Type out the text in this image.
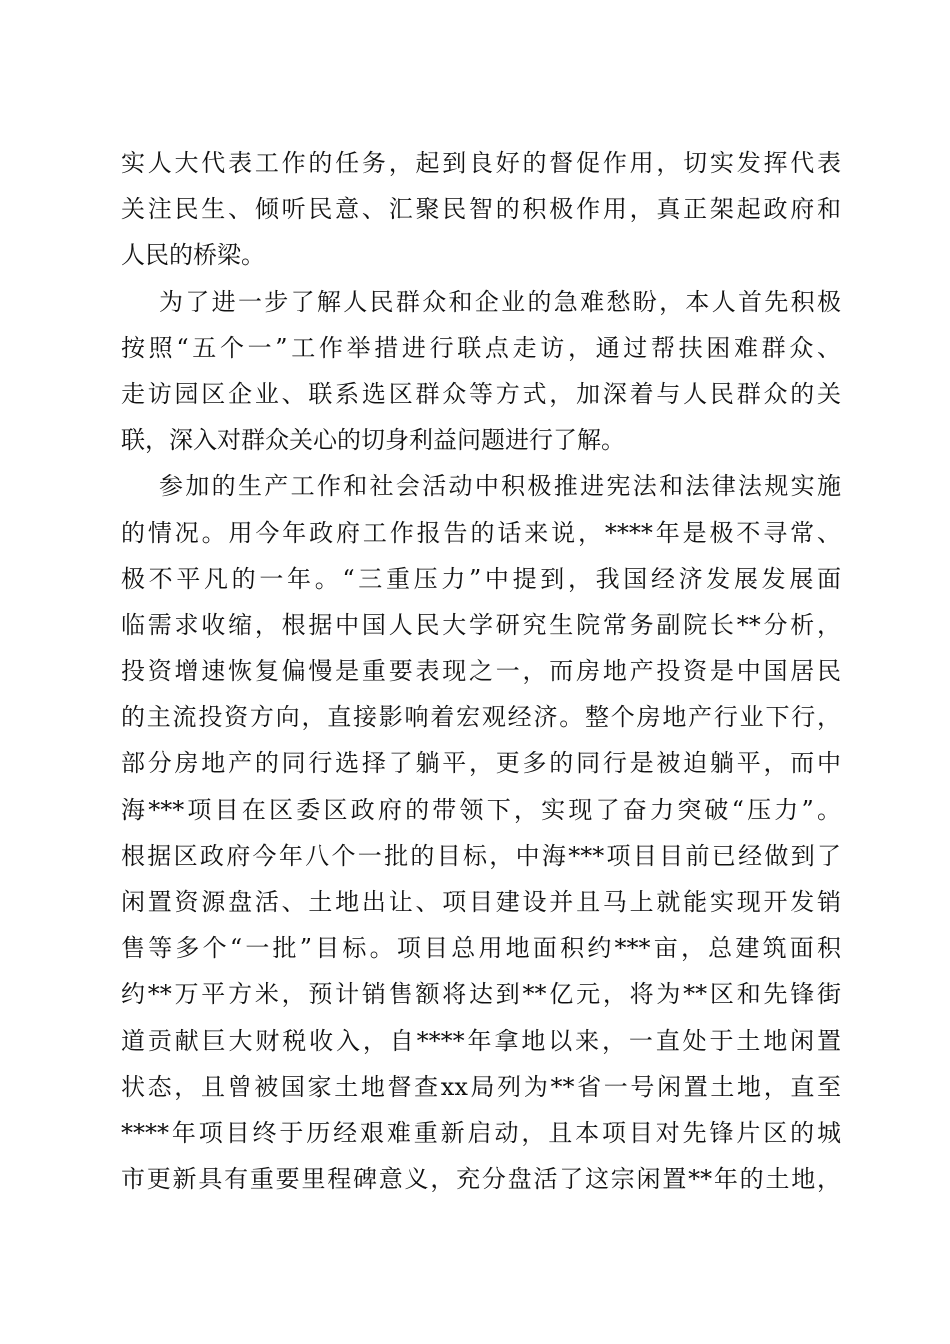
实人大代表工作的任务，起到良好的督促作用，切实发挥代表
关注民生、倾听民意、汇聚民智的积极作用，真正架起政府和
人民的桥梁。
为了进一步了解人民群众和企业的急难愁盼，本人首先积极
按照“五个一”工作举措进行联点走访，通过帮扶困难群众、
走访园区企业、联系选区群众等方式，加深着与人民群众的关
联，深入对群众关心的切身利益问题进行了解。
参加的生产工作和社会活动中积极推进宪法和法律法规实施
的情况。用今年政府工作报告的话来说，****年是极不寻常、
极不平凡的一年。“三重压力”中提到，我国经济发展发展面
临需求收缩，根据中国人民大学研究生院常务副院长**分析，
投资增速恢复偏慢是重要表现之一，而房地产投资是中国居民
的主流投资方向，直接影响着宏观经济。整个房地产行业下行，
部分房地产的同行选择了躺平，更多的同行是被迫躺平，而中
海***项目在区委区政府的带领下，实现了奋力突破“压力”。
根据区政府今年八个一批的目标，中海***项目目前已经做到了
闲置资源盘活、土地出让、项目建设并且马上就能实现开发销
售等多个“一批”目标。项目总用地面积约***亩，总建筑面积
约**万平方米，预计销售额将达到**亿元，将为**区和先锋街
道贡献巨大财税收入，自****年拿地以来，一直处于土地闲置
状态，且曾被国家土地督查xx局列为**省一号闲置土地，直至
****年项目终于历经艰难重新启动，且本项目对先锋片区的城
市更新具有重要里程碑意义，充分盘活了这宗闲置**年的土地，
